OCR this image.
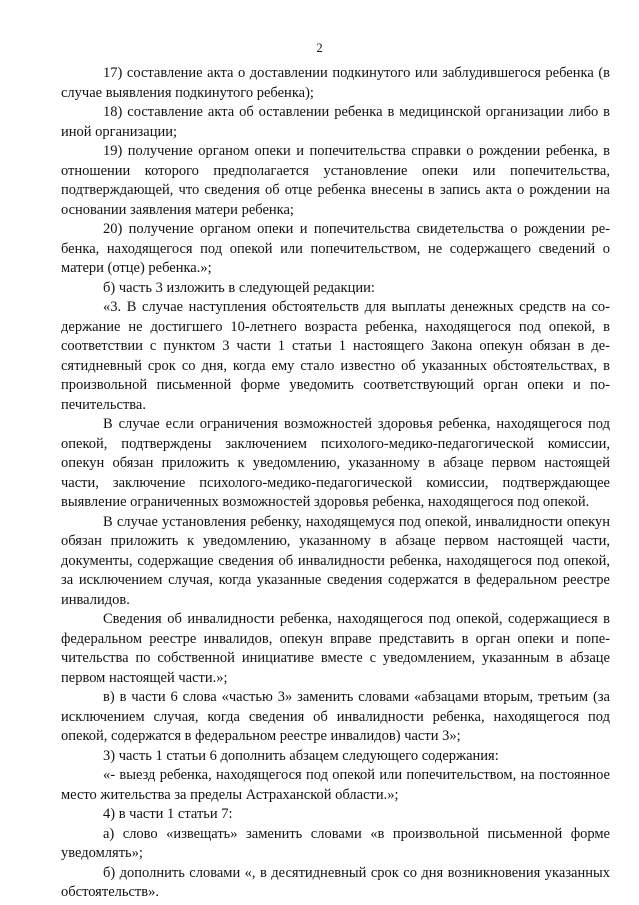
2

17) составление акта о доставлении подкинутого или заблудившегося ребенка (в случае выявления подкинутого ребенка);

18) составление акта об оставлении ребенка в медицинской организации либо в иной организации;

19) получение органом опеки и попечительства справки о рождении ребенка, в отношении которого предполагается установление опеки или попечительства, подтверждающей, что сведения об отце ребенка внесены в запись акта о рождении на основании заявления матери ребенка;

20) получение органом опеки и попечительства свидетельства о рождении ребенка, находящегося под опекой или попечительством, не содержащего сведений о матери (отце) ребенка.»;

б) часть 3 изложить в следующей редакции:

«3. В случае наступления обстоятельств для выплаты денежных средств на содержание не достигшего 10-летнего возраста ребенка, находящегося под опекой, в соответствии с пунктом 3 части 1 статьи 1 настоящего Закона опекун обязан в десятидневный срок со дня, когда ему стало известно об указанных обстоятельствах, в произвольной письменной форме уведомить соответствующий орган опеки и попечительства.

В случае если ограничения возможностей здоровья ребенка, находящегося под опекой, подтверждены заключением психолого-медико-педагогической комиссии, опекун обязан приложить к уведомлению, указанному в абзаце первом настоящей части, заключение психолого-медико-педагогической комиссии, подтверждающее выявление ограниченных возможностей здоровья ребенка, находящегося под опекой.

В случае установления ребенку, находящемуся под опекой, инвалидности опекун обязан приложить к уведомлению, указанному в абзаце первом настоящей части, документы, содержащие сведения об инвалидности ребенка, находящегося под опекой, за исключением случая, когда указанные сведения содержатся в федеральном реестре инвалидов.

Сведения об инвалидности ребенка, находящегося под опекой, содержащиеся в федеральном реестре инвалидов, опекун вправе представить в орган опеки и попечительства по собственной инициативе вместе с уведомлением, указанным в абзаце первом настоящей части.»;

в) в части 6 слова «частью 3» заменить словами «абзацами вторым, третьим (за исключением случая, когда сведения об инвалидности ребенка, находящегося под опекой, содержатся в федеральном реестре инвалидов) части 3»;

3) часть 1 статьи 6 дополнить абзацем следующего содержания:

«- выезд ребенка, находящегося под опекой или попечительством, на постоянное место жительства за пределы Астраханской области.»;

4) в части 1 статьи 7:

а) слово «извещать» заменить словами «в произвольной письменной форме уведомлять»;

б) дополнить словами «, в десятидневный срок со дня возникновения указанных обстоятельств».
